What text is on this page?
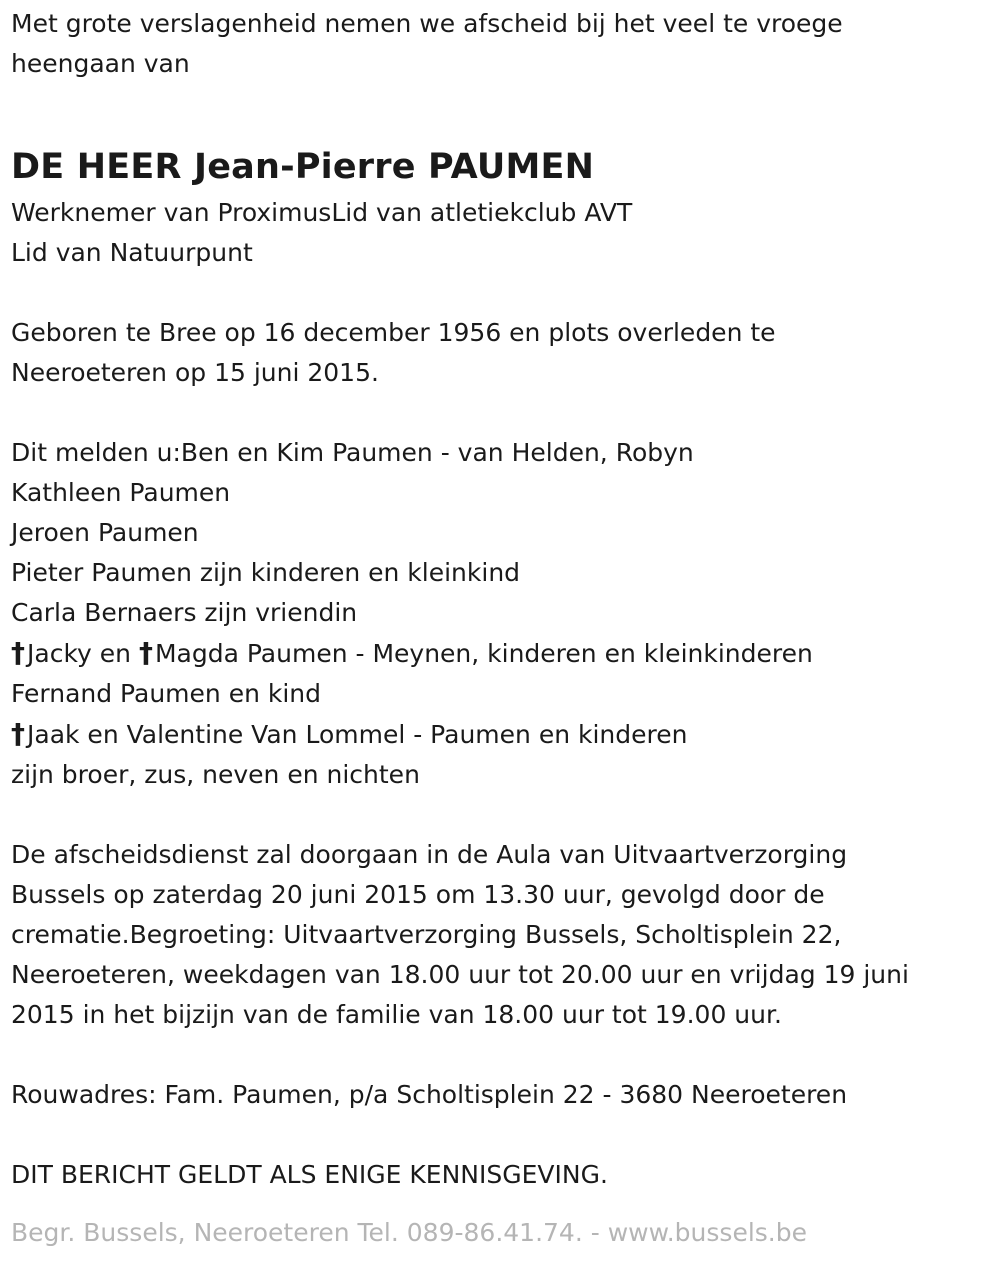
Met grote verslagenheid nemen we afscheid bij het veel te vroege
heengaan van
DE HEER Jean-Pierre PAUMEN
Werknemer van ProximusLid van atletiekclub AVT
Lid van Natuurpunt
Geboren te Bree op 16 december 1956 en plots overleden te
Neeroeteren op 15 juni 2015.
Dit melden u:Ben en Kim Paumen - van Helden, Robyn
Kathleen Paumen
Jeroen Paumen
Pieter Paumen zijn kinderen en kleinkind
Carla Bernaers zijn vriendin
†Jacky en †Magda Paumen - Meynen, kinderen en kleinkinderen
Fernand Paumen en kind
†Jaak en Valentine Van Lommel - Paumen en kinderen
zijn broer, zus, neven en nichten
De afscheidsdienst zal doorgaan in de Aula van Uitvaartverzorging
Bussels op zaterdag 20 juni 2015 om 13.30 uur, gevolgd door de
crematie.Begroeting: Uitvaartverzorging Bussels, Scholtisplein 22,
Neeroeteren, weekdagen van 18.00 uur tot 20.00 uur en vrijdag 19 juni
2015 in het bijzijn van de familie van 18.00 uur tot 19.00 uur.
Rouwadres: Fam. Paumen, p/a Scholtisplein 22 - 3680 Neeroeteren
DIT BERICHT GELDT ALS ENIGE KENNISGEVING.
Begr. Bussels, Neeroeteren Tel. 089-86.41.74. - www.bussels.be
